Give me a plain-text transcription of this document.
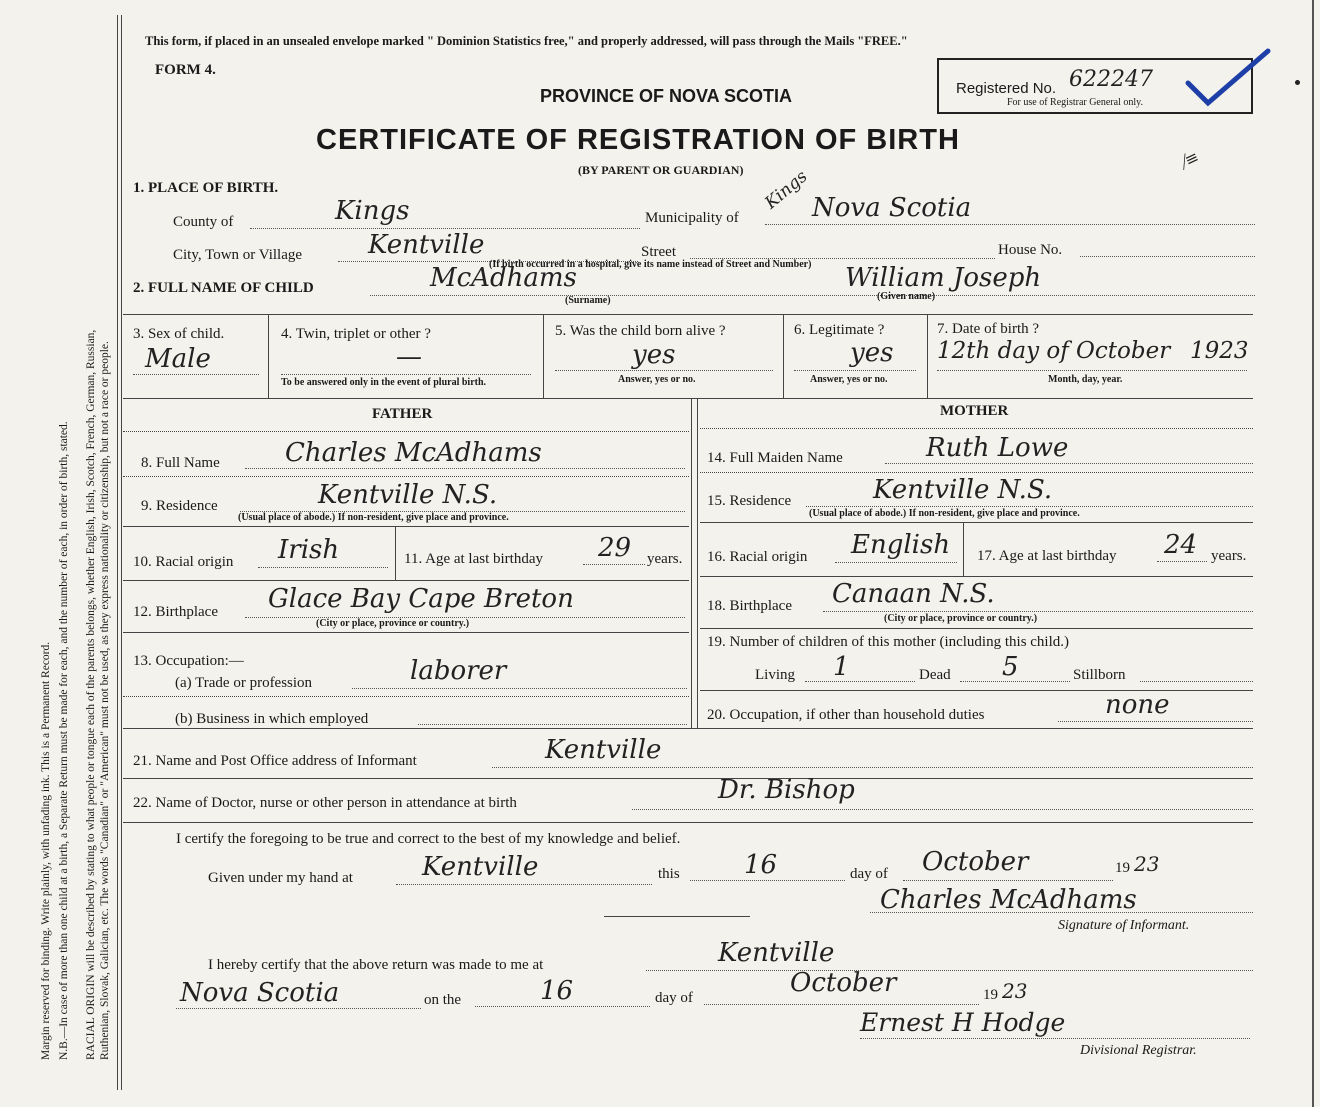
Margin reserved for binding. Write plainly, with unfading ink. This is a Permanent Record. N.B.—In case of more than one child at a birth, a Separate Return must be made for each, and the number of each, in order of birth, stated. RACIAL ORIGIN will be described by stating to what people or tongue each of the parents belongs, whether English, Irish, Scotch, French, German, Russian, Ruthenian, Slovak, Galician, etc. The words "Canadian" or "American" must not be used, as they express nationality or citizenship, but not a race or people.
This form, if placed in an unsealed envelope marked " Dominion Statistics free," and properly addressed, will pass through the Mails "FREE."
FORM 4.
PROVINCE OF NOVA SCOTIA	Registered No. 622247
For use of Registrar General only.
CERTIFICATE OF REGISTRATION OF BIRTH
(BY PARENT OR GUARDIAN)	⧸≡
1. PLACE OF BIRTH.
County of	Kings	Municipality of
Kings Nova Scotia
City, Town or Village	Kentville	Street	House No.
(If birth occurred in a hospital, give its name instead of Street and Number)
2. FULL NAME OF CHILD	McAdhams	William Joseph
(Surname)	(Given name)
3. Sex of child.
Male
4. Twin, triplet or other ?
—
To be answered only in the event of plural birth.
5. Was the child born alive ?
yes
Answer, yes or no.
6. Legitimate ?
yes
Answer, yes or no.
7. Date of birth ?
12th day of October 1923
Month, day, year.
FATHER	MOTHER
8. Full Name	Charles McAdhams
9. Residence	Kentville N.S.
(Usual place of abode.) If non-resident, give place and province.
10. Racial origin Irish	11. Age at last birthday 29 years.
12. Birthplace Glace Bay Cape Breton
(City or place, province or country.)
13. Occupation:—
(a) Trade or profession	laborer
(b) Business in which employed
14. Full Maiden Name	Ruth Lowe
15. Residence	Kentville N.S.
(Usual place of abode.) If non-resident, give place and province.
16. Racial origin English 17. Age at last birthday 24 years.
18. Birthplace Canaan N.S.
(City or place, province or country.)
19. Number of children of this mother (including this child.)
Living 1	Dead 5	Stillborn
20. Occupation, if other than household duties	none
21. Name and Post Office address of Informant	Kentville
22. Name of Doctor, nurse or other person in attendance at birth	Dr. Bishop
I certify the foregoing to be true and correct to the best of my knowledge and belief.
Given under my hand at	Kentville	this 16	day of October	19 23
Charles McAdhams
Signature of Informant.
I hereby certify that the above return was made to me at	Kentville
Nova Scotia	on the	16	day of	October	19 23
Ernest H Hodge
Divisional Registrar.
